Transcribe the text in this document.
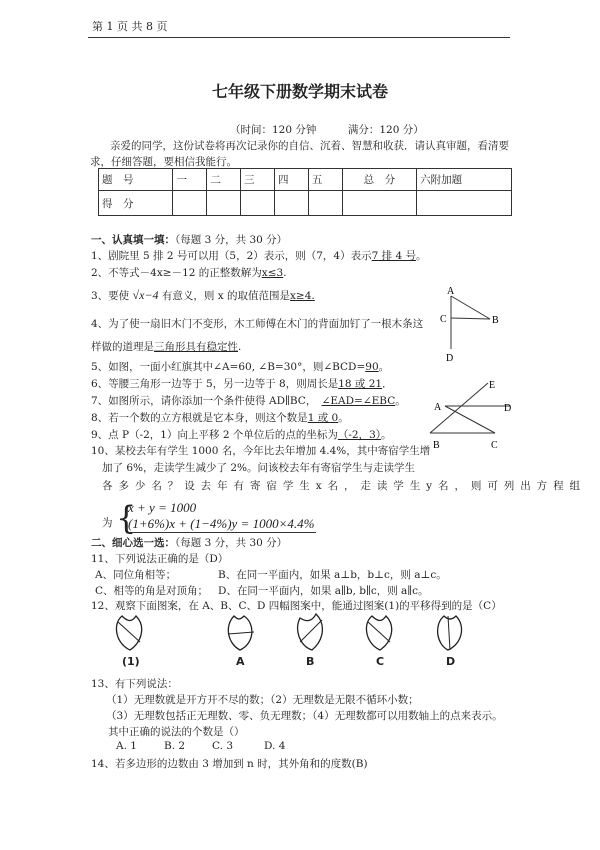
第 1 页 共 8 页
七年级下册数学期末试卷
（时间：120 分钟　　　满分：120 分）
亲爱的同学，这份试卷将再次记录你的自信、沉着、智慧和收获．请认真审题，看清要
求，仔细答题，要相信我能行。
题　号	一	二	三	四	五	总　分	六附加题
得　分							
一、认真填一填：（每题 3 分，共 30 分）
1、剧院里 5 排 2 号可以用（5，2）表示，则（7，4）表示7 排 4 号。
2、不等式－4x≥－12 的正整数解为x≤3.
3、要使 √x−4 有意义，则 x 的取值范围是x≥4.
4、为了使一扇旧木门不变形，木工师傅在木门的背面加钉了一根木条这
样做的道理是三角形具有稳定性.
5、如图，一面小红旗其中∠A=60, ∠B=30°，则∠BCD=90。
6、等腰三角形一边等于 5，另一边等于 8，则周长是18 或 21．
7、如图所示，请你添加一个条件使得 AD∥BC，　 ∠EAD=∠EBC。
8、若一个数的立方根就是它本身，则这个数是1 或 0。
9、点 P（-2，1）向上平移 2 个单位后的点的坐标为（-2，3）。
10、某校去年有学生 1000 名，今年比去年增加 4.4%，其中寄宿学生增
加了 6%，走读学生减少了 2%。问该校去年有寄宿学生与走读学生
各 多 少 名 ？ 设 去 年 有 寄 宿 学 生 x 名 ， 走 读 学 生 y 名 ， 则 可 列 出 方 程 组
为 {
x + y = 1000
(1+6%)x + (1−4%)y = 1000×4.4%
A
B
C
D
E
A	D
B	C
二、细心选一选：（每题 3 分，共 30 分）
11、下列说法正确的是（D）
A、同位角相等；	B、在同一平面内，如果 a⊥b，b⊥c，则 a⊥c。
C、相等的角是对顶角； D、在同一平面内，如果 a∥b, b∥c，则 a∥c。
12、观察下面图案，在 A、B、C、D 四幅图案中，能通过图案(1)的平移得到的是（C）
(1)	A	B	C	D
13、有下列说法：
（1）无理数就是开方开不尽的数；（2）无理数是无限不循环小数；
（3）无理数包括正无理数、零、负无理数；（4）无理数都可以用数轴上的点来表示。
其中正确的说法的个数是（）
A. 1	B. 2	C. 3	D. 4
14、若多边形的边数由 3 增加到 n 时，其外角和的度数(B)
